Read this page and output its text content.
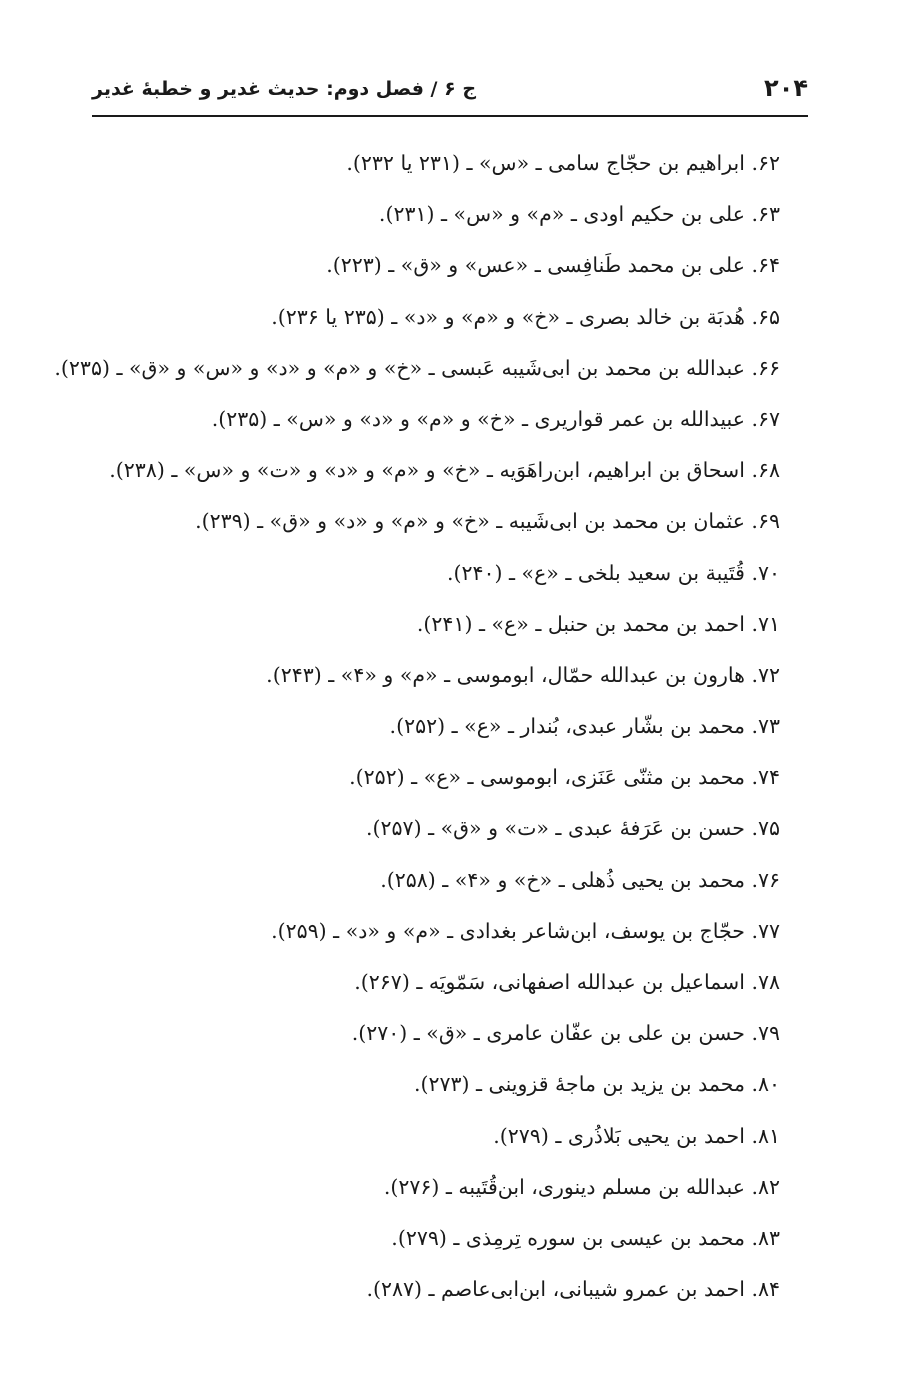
۲۰۴
ج ۶ / فصل دوم: حدیث غدیر و خطبهٔ غدیر
۶۲. ابراهیم بن حجّاج سامی ـ «س» ـ (۲۳۱ یا ۲۳۲).
۶۳. علی بن حکیم اودی ـ «م» و «س» ـ (۲۳۱).
۶۴. علی بن محمد طَنافِسی ـ «عس» و «ق» ـ (۲۲۳).
۶۵. هُدبَة بن خالد بصری ـ «خ» و «م» و «د» ـ (۲۳۵ یا ۲۳۶).
۶۶. عبدالله بن محمد بن ابی‌شَیبه عَبسی ـ «خ» و «م» و «د» و «س» و «ق» ـ (۲۳۵).
۶۷. عبیدالله بن عمر قواریری ـ «خ» و «م» و «د» و «س» ـ (۲۳۵).
۶۸. اسحاق بن ابراهیم، ابن‌راهَوَیه ـ «خ» و «م» و «د» و «ت» و «س» ـ (۲۳۸).
۶۹. عثمان بن محمد بن ابی‌شَیبه ـ «خ» و «م» و «د» و «ق» ـ (۲۳۹).
۷۰. قُتَیبة بن سعید بلخی ـ «ع» ـ (۲۴۰).
۷۱. احمد بن محمد بن حنبل ـ «ع» ـ (۲۴۱).
۷۲. هارون بن عبدالله حمّال، ابوموسی ـ «م» و «۴» ـ (۲۴۳).
۷۳. محمد بن بشّار عبدی، بُندار ـ «ع» ـ (۲۵۲).
۷۴. محمد بن مثنّی عَنَزی، ابوموسی ـ «ع» ـ (۲۵۲).
۷۵. حسن بن عَرَفهٔ عبدی ـ «ت» و «ق» ـ (۲۵۷).
۷۶. محمد بن یحیی ذُهلی ـ «خ» و «۴» ـ (۲۵۸).
۷۷. حجّاج بن یوسف، ابن‌شاعر بغدادی ـ «م» و «د» ـ (۲۵۹).
۷۸. اسماعیل بن عبدالله اصفهانی، سَمّویَه ـ (۲۶۷).
۷۹. حسن بن علی بن عفّان عامری ـ «ق» ـ (۲۷۰).
۸۰. محمد بن یزید بن ماجهٔ قزوینی ـ (۲۷۳).
۸۱. احمد بن یحیی بَلاذُری ـ (۲۷۹).
۸۲. عبدالله بن مسلم دینوری، ابن‌قُتَیبه ـ (۲۷۶).
۸۳. محمد بن عیسی بن سوره تِرمِذی ـ (۲۷۹).
۸۴. احمد بن عمرو شیبانی، ابن‌ابی‌عاصم ـ (۲۸۷).
